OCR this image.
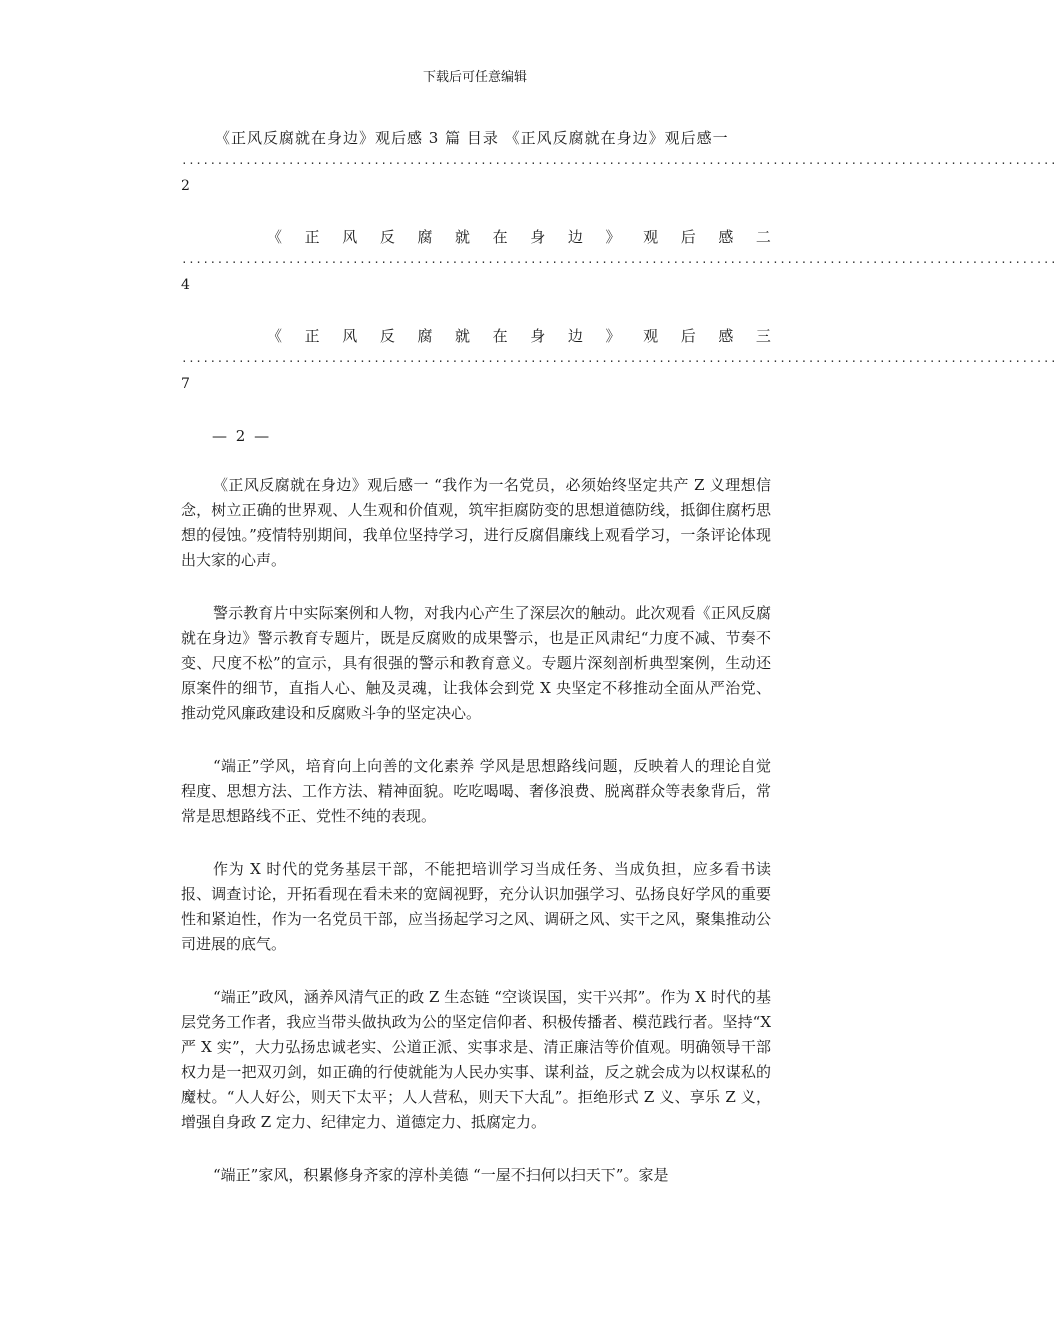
下载后可任意编辑
《正风反腐就在身边》观后感 3 篇 目录 《正风反腐就在身边》观后感一
...........................................................................................................................
2
《 正 风 反 腐 就 在 身 边 》 观 后 感 二
...........................................................................................................................
4
《 正 风 反 腐 就 在 身 边 》 观 后 感 三
...........................................................................................................................
7
— 2 —

《正风反腐就在身边》观后感一 “我作为一名党员，必须始终坚定共产 Z 义理想信念，树立正确的世界观、人生观和价值观，筑牢拒腐防变的思想道德防线，抵御住腐朽思想的侵蚀。”疫情特别期间，我单位坚持学习，进行反腐倡廉线上观看学习，一条评论体现出大家的心声。

警示教育片中实际案例和人物，对我内心产生了深层次的触动。此次观看《正风反腐就在身边》警示教育专题片，既是反腐败的成果警示，也是正风肃纪“力度不减、节奏不变、尺度不松”的宣示，具有很强的警示和教育意义。专题片深刻剖析典型案例，生动还原案件的细节，直指人心、触及灵魂，让我体会到党 X 央坚定不移推动全面从严治党、推动党风廉政建设和反腐败斗争的坚定决心。

“端正”学风，培育向上向善的文化素养 学风是思想路线问题，反映着人的理论自觉程度、思想方法、工作方法、精神面貌。吃吃喝喝、奢侈浪费、脱离群众等表象背后，常常是思想路线不正、党性不纯的表现。

作为 X 时代的党务基层干部，不能把培训学习当成任务、当成负担，应多看书读报、调查讨论，开拓看现在看未来的宽阔视野，充分认识加强学习、弘扬良好学风的重要性和紧迫性，作为一名党员干部，应当扬起学习之风、调研之风、实干之风，聚集推动公司进展的底气。

“端正”政风，涵养风清气正的政 Z 生态链 “空谈误国，实干兴邦”。作为 X 时代的基层党务工作者，我应当带头做执政为公的坚定信仰者、积极传播者、模范践行者。坚持“X 严 X 实”，大力弘扬忠诚老实、公道正派、实事求是、清正廉洁等价值观。明确领导干部权力是一把双刃剑，如正确的行使就能为人民办实事、谋利益，反之就会成为以权谋私的魔杖。“人人好公，则天下太平；人人营私，则天下大乱”。拒绝形式 Z 义、享乐 Z 义，增强自身政 Z 定力、纪律定力、道德定力、抵腐定力。

“端正”家风，积累修身齐家的淳朴美德 “一屋不扫何以扫天下”。家是
